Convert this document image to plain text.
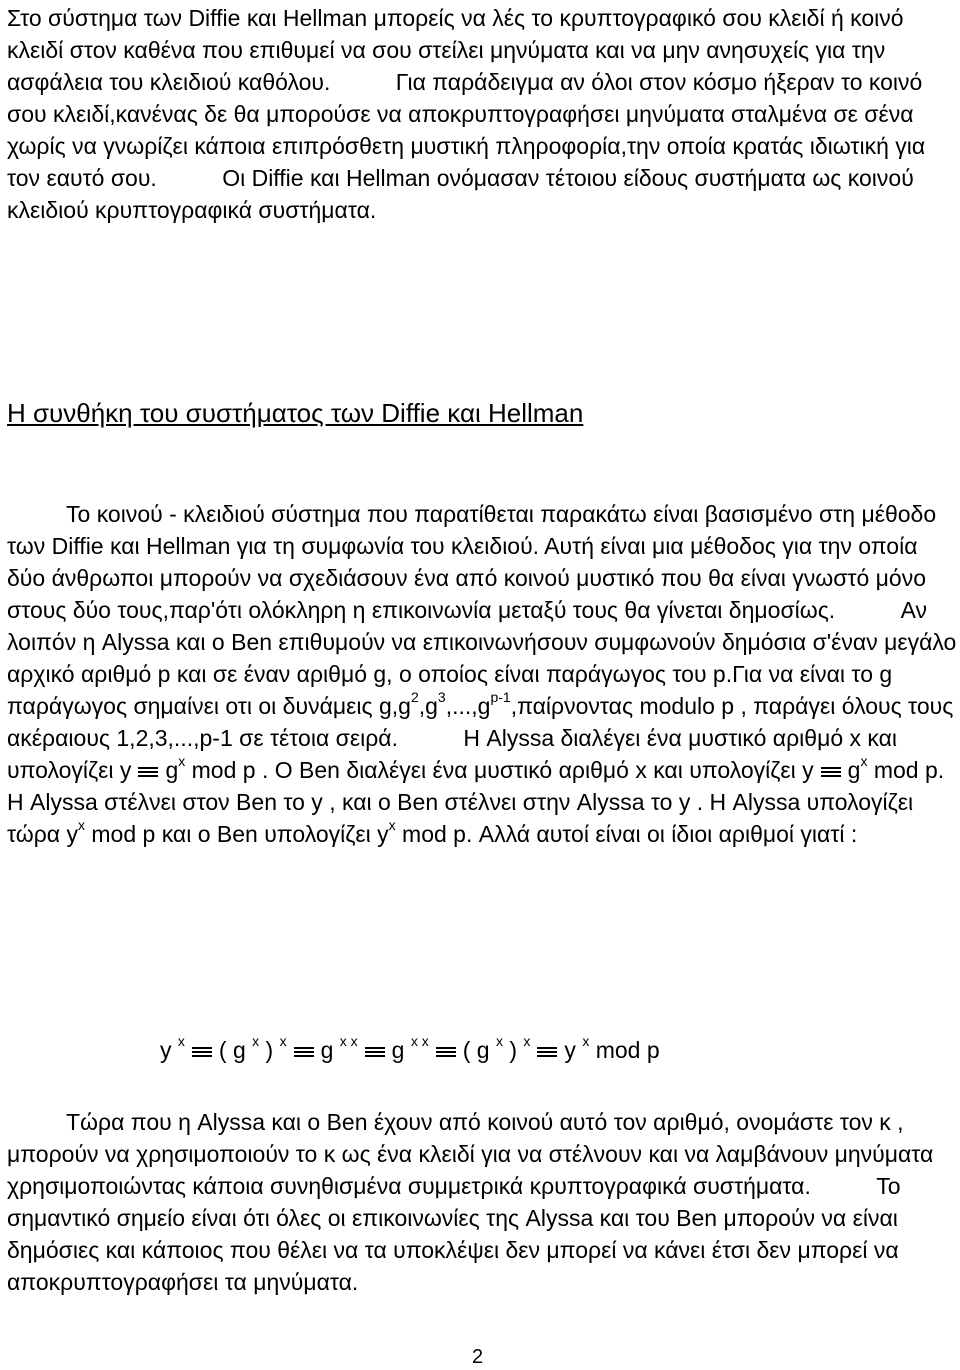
Στο σύστημα των Diffie και Hellman μπορείς να λές το κρυπτογραφικό σου κλειδί ή κοινό κλειδί στον καθένα που επιθυμεί να σου στείλει μηνύματα και να μην ανησυχείς για την ασφάλεια του κλειδιού καθόλου.	Για παράδειγμα αν όλοι στον κόσμο ήξεραν το κοινό σου κλειδί,κανένας δε θα μπορούσε να αποκρυπτογραφήσει μηνύματα σταλμένα σε σένα χωρίς να γνωρίζει κάποια επιπρόσθετη μυστική πληροφορία,την οποία κρατάς ιδιωτική για τον εαυτό σου.	Οι Diffie και Hellman ονόμασαν τέτοιου είδους συστήματα ως κοινού κλειδιού κρυπτογραφικά συστήματα.

Η συνθήκη του συστήματος των Diffie και Hellman

Το κοινού - κλειδιού σύστημα που παρατίθεται παρακάτω είναι βασισμένο στη μέθοδο των Diffie και Hellman για τη συμφωνία του κλειδιού. Αυτή είναι μια μέθοδος για την οποία δύο άνθρωποι μπορούν να σχεδιάσουν ένα από κοινού μυστικό που θα είναι γνωστό μόνο στους δύο τους,παρ'ότι ολόκληρη η επικοινωνία μεταξύ τους θα γίνεται δημοσίως.	Αν λοιπόν η Alyssa και ο Ben επιθυμούν να επικοινωνήσουν συμφωνούν δημόσια σ'έναν μεγάλο αρχικό αριθμό p και σε έναν αριθμό g, ο οποίος είναι παράγωγος του p.Για να είναι το g παράγωγος σημαίνει οτι οι δυνάμεις $g,g^2,g^3,...,g^{p-1},\pi\alpha ί\rho\nu o\nu\tau\alpha\varsigma$ modulo p , παράγει όλους τους ακέραιους 1,2,3,...,p-1 σε τέτοια σειρά.	Η Alyssa διαλέγει ένα μυστικό αριθμό x και υπολογίζει y $g^x$ mod p . Ο Ben διαλέγει ένα μυστικό αριθμό x και υπολογίζει y $g^x$ mod p. Η Alyssa στέλνει στον Ben το y , και ο Ben στέλνει στην Alyssa το y . Η Alyssa υπολογίζει τώρα $y^x$ mod p και ο Ben υπολογίζει $y^x$ mod p. Αλλά αυτοί είναι οι ίδιοι αριθμοί γιατί :

y $^x$ ( g $^x$ ) $^x$ g $^{x x}$ g $^{x x}$ ( g $^x$ ) $^x$ y $^x$ mod p

Τώρα που η Alyssa και ο Ben έχουν από κοινού αυτό τον αριθμό, ονομάστε τον κ , μπορούν να χρησιμοποιούν το κ ως ένα κλειδί για να στέλνουν και να λαμβάνουν μηνύματα χρησιμοποιώντας κάποια συνηθισμένα συμμετρικά κρυπτογραφικά συστήματα.	Το σημαντικό σημείο είναι ότι όλες οι επικοινωνίες της Alyssa και του Ben μπορούν να είναι δημόσιες και κάποιος που θέλει να τα υποκλέψει δεν μπορεί να κάνει έτσι δεν μπορεί να αποκρυπτογραφήσει τα μηνύματα.

2
